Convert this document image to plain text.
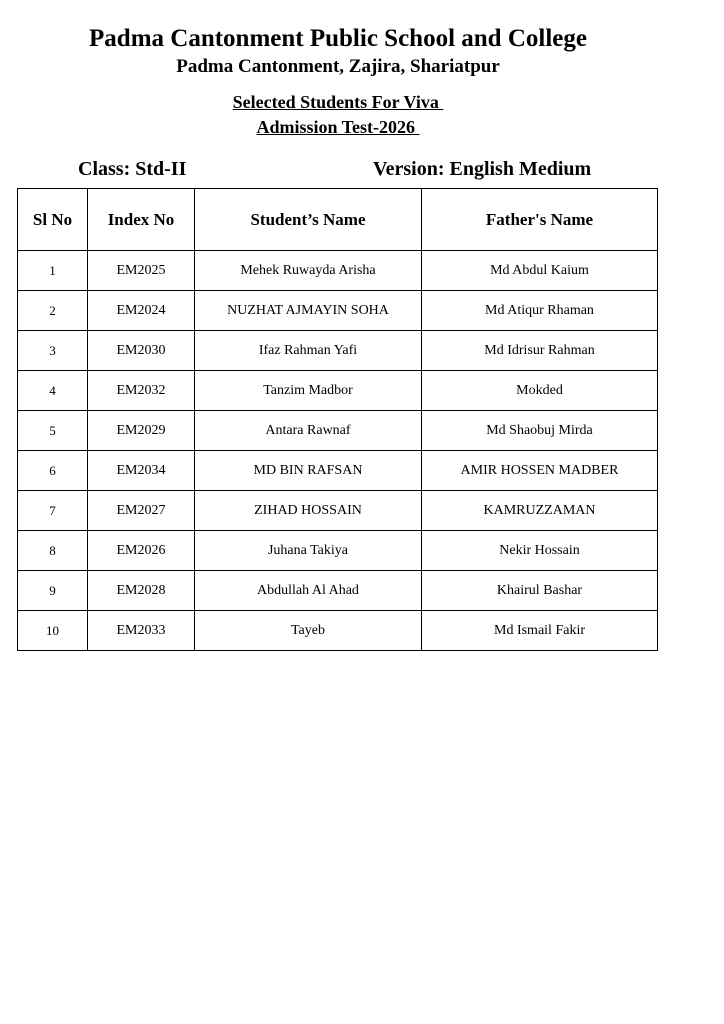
Padma Cantonment Public School and College
Padma Cantonment, Zajira, Shariatpur
Selected Students For Viva
Admission Test-2026
Class: Std-II	Version: English Medium
Sl No	Index No	Student’s Name	Father's Name
1	EM2025	Mehek Ruwayda Arisha	Md Abdul Kaium
2	EM2024	NUZHAT AJMAYIN SOHA	Md Atiqur Rhaman
3	EM2030	Ifaz Rahman Yafi	Md Idrisur Rahman
4	EM2032	Tanzim Madbor	Mokded
5	EM2029	Antara Rawnaf	Md Shaobuj Mirda
6	EM2034	MD BIN RAFSAN	AMIR HOSSEN MADBER
7	EM2027	ZIHAD HOSSAIN	KAMRUZZAMAN
8	EM2026	Juhana Takiya	Nekir Hossain
9	EM2028	Abdullah Al Ahad	Khairul Bashar
10	EM2033	Tayeb	Md Ismail Fakir
